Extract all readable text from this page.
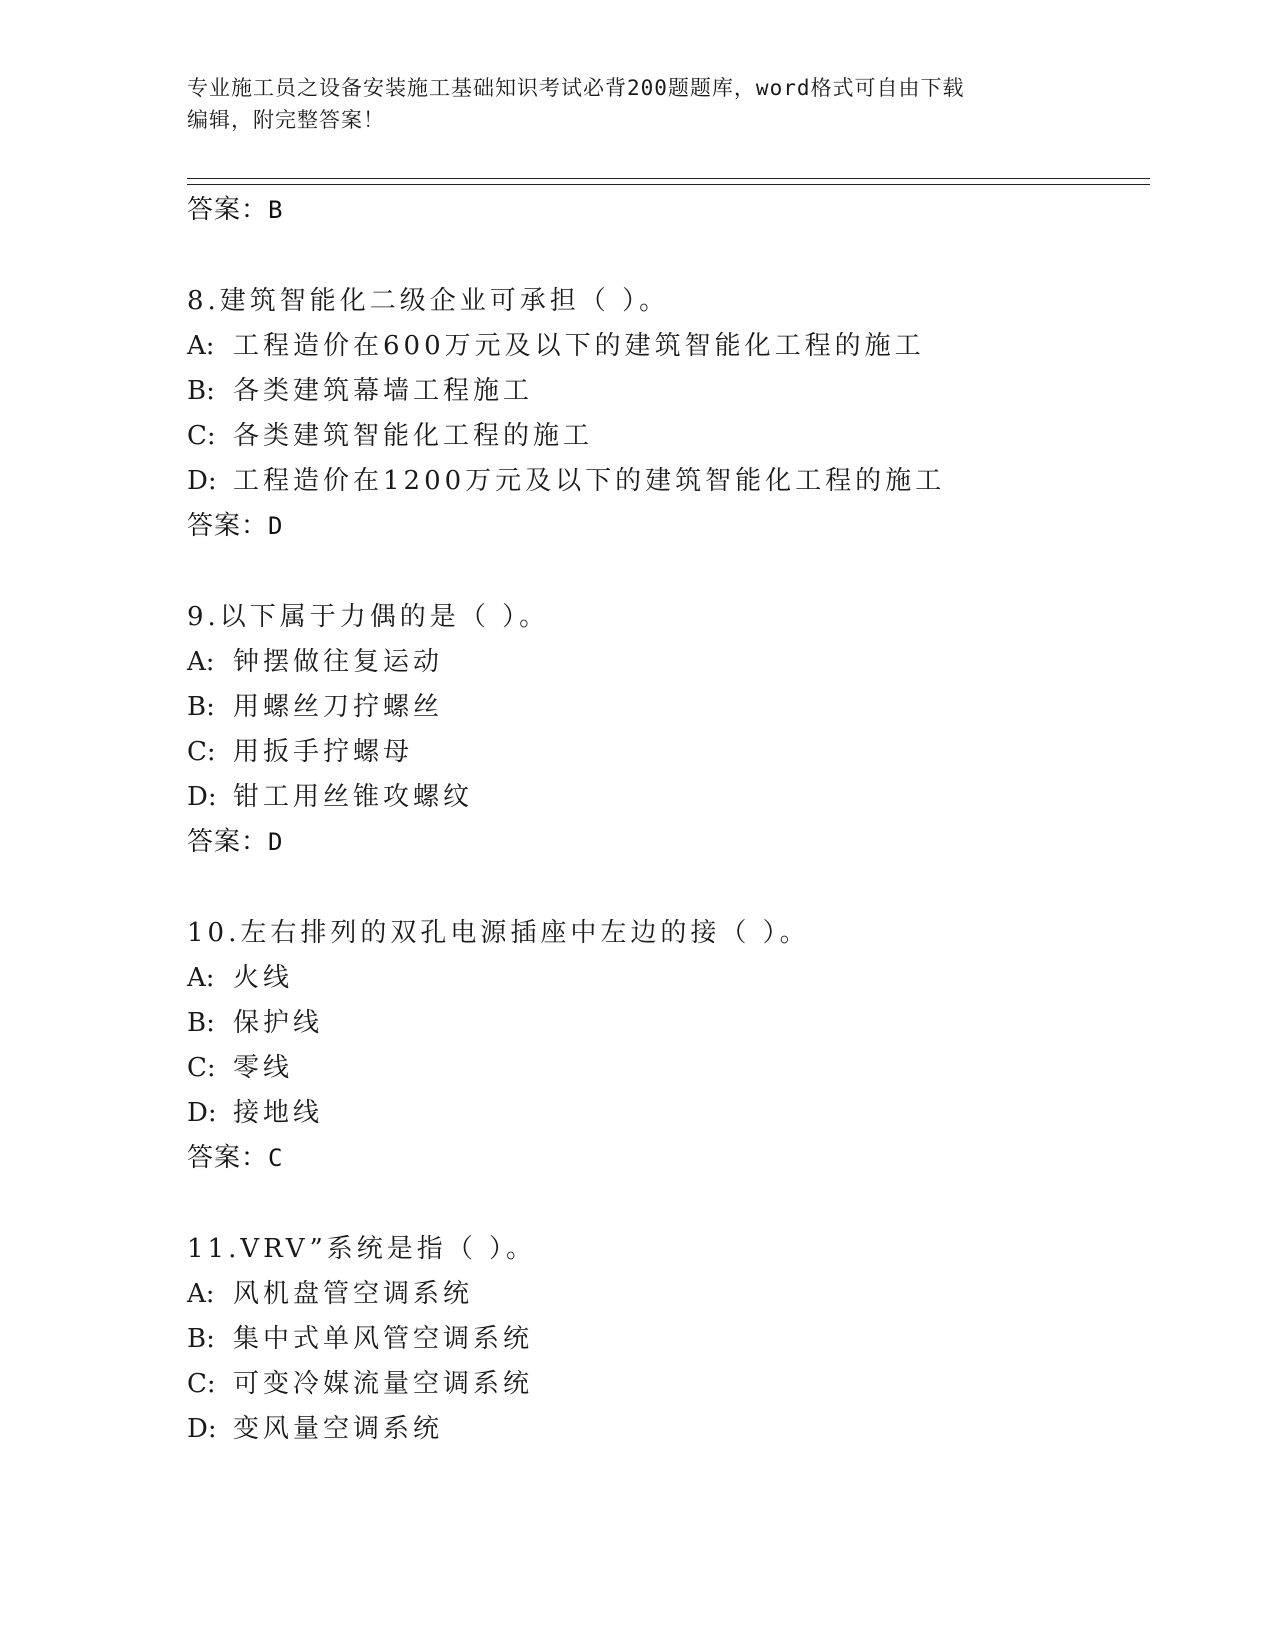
专业施工员之设备安装施工基础知识考试必背200题题库，word格式可自由下载
编辑，附完整答案！
答案：B
8.建筑智能化二级企业可承担（ ）。
A: 工程造价在600万元及以下的建筑智能化工程的施工
B: 各类建筑幕墙工程施工
C: 各类建筑智能化工程的施工
D: 工程造价在1200万元及以下的建筑智能化工程的施工
答案：D
9.以下属于力偶的是（ ）。
A: 钟摆做往复运动
B: 用螺丝刀拧螺丝
C: 用扳手拧螺母
D: 钳工用丝锥攻螺纹
答案：D
10.左右排列的双孔电源插座中左边的接（ ）。
A: 火线
B: 保护线
C: 零线
D: 接地线
答案：C
11.VRV”系统是指（ ）。
A: 风机盘管空调系统
B: 集中式单风管空调系统
C: 可变冷媒流量空调系统
D: 变风量空调系统
